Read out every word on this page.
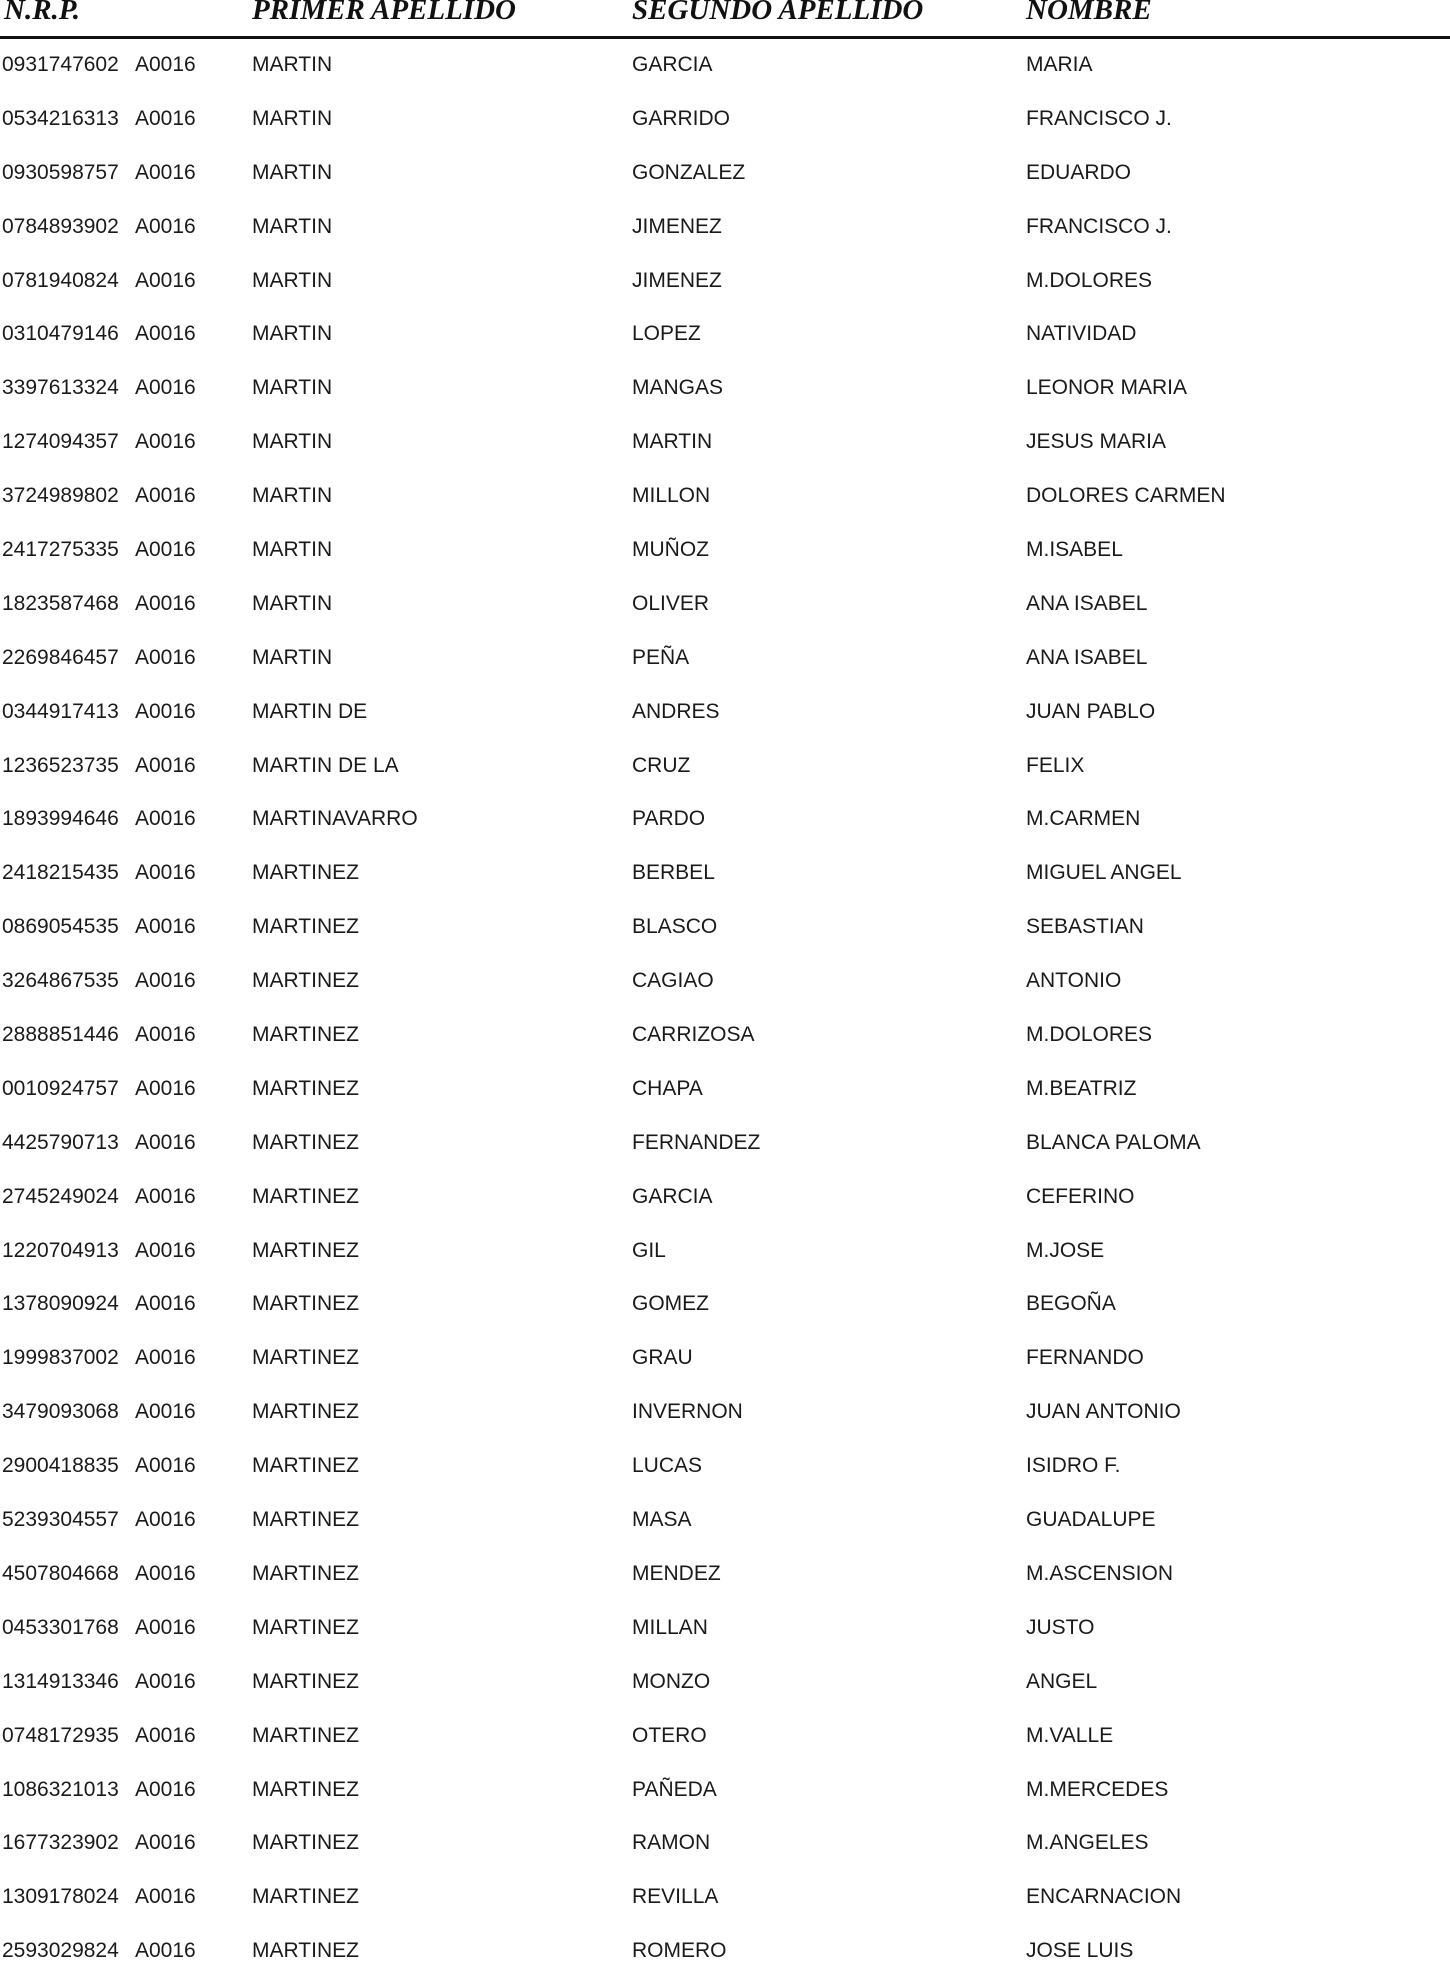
N.R.P.	PRIMER APELLIDO	SEGUNDO APELLIDO	NOMBRE
0931747602 A0016	MARTIN	GARCIA	MARIA
0534216313 A0016	MARTIN	GARRIDO	FRANCISCO J.
0930598757 A0016	MARTIN	GONZALEZ	EDUARDO
0784893902 A0016	MARTIN	JIMENEZ	FRANCISCO J.
0781940824 A0016	MARTIN	JIMENEZ	M.DOLORES
0310479146 A0016	MARTIN	LOPEZ	NATIVIDAD
3397613324 A0016	MARTIN	MANGAS	LEONOR MARIA
1274094357 A0016	MARTIN	MARTIN	JESUS MARIA
3724989802 A0016	MARTIN	MILLON	DOLORES CARMEN
2417275335 A0016	MARTIN	MUÑOZ	M.ISABEL
1823587468 A0016	MARTIN	OLIVER	ANA ISABEL
2269846457 A0016	MARTIN	PEÑA	ANA ISABEL
0344917413 A0016	MARTIN DE	ANDRES	JUAN PABLO
1236523735 A0016	MARTIN DE LA	CRUZ	FELIX
1893994646 A0016	MARTINAVARRO	PARDO	M.CARMEN
2418215435 A0016	MARTINEZ	BERBEL	MIGUEL ANGEL
0869054535 A0016	MARTINEZ	BLASCO	SEBASTIAN
3264867535 A0016	MARTINEZ	CAGIAO	ANTONIO
2888851446 A0016	MARTINEZ	CARRIZOSA	M.DOLORES
0010924757 A0016	MARTINEZ	CHAPA	M.BEATRIZ
4425790713 A0016	MARTINEZ	FERNANDEZ	BLANCA PALOMA
2745249024 A0016	MARTINEZ	GARCIA	CEFERINO
1220704913 A0016	MARTINEZ	GIL	M.JOSE
1378090924 A0016	MARTINEZ	GOMEZ	BEGOÑA
1999837002 A0016	MARTINEZ	GRAU	FERNANDO
3479093068 A0016	MARTINEZ	INVERNON	JUAN ANTONIO
2900418835 A0016	MARTINEZ	LUCAS	ISIDRO F.
5239304557 A0016	MARTINEZ	MASA	GUADALUPE
4507804668 A0016	MARTINEZ	MENDEZ	M.ASCENSION
0453301768 A0016	MARTINEZ	MILLAN	JUSTO
1314913346 A0016	MARTINEZ	MONZO	ANGEL
0748172935 A0016	MARTINEZ	OTERO	M.VALLE
1086321013 A0016	MARTINEZ	PAÑEDA	M.MERCEDES
1677323902 A0016	MARTINEZ	RAMON	M.ANGELES
1309178024 A0016	MARTINEZ	REVILLA	ENCARNACION
2593029824 A0016	MARTINEZ	ROMERO	JOSE LUIS
